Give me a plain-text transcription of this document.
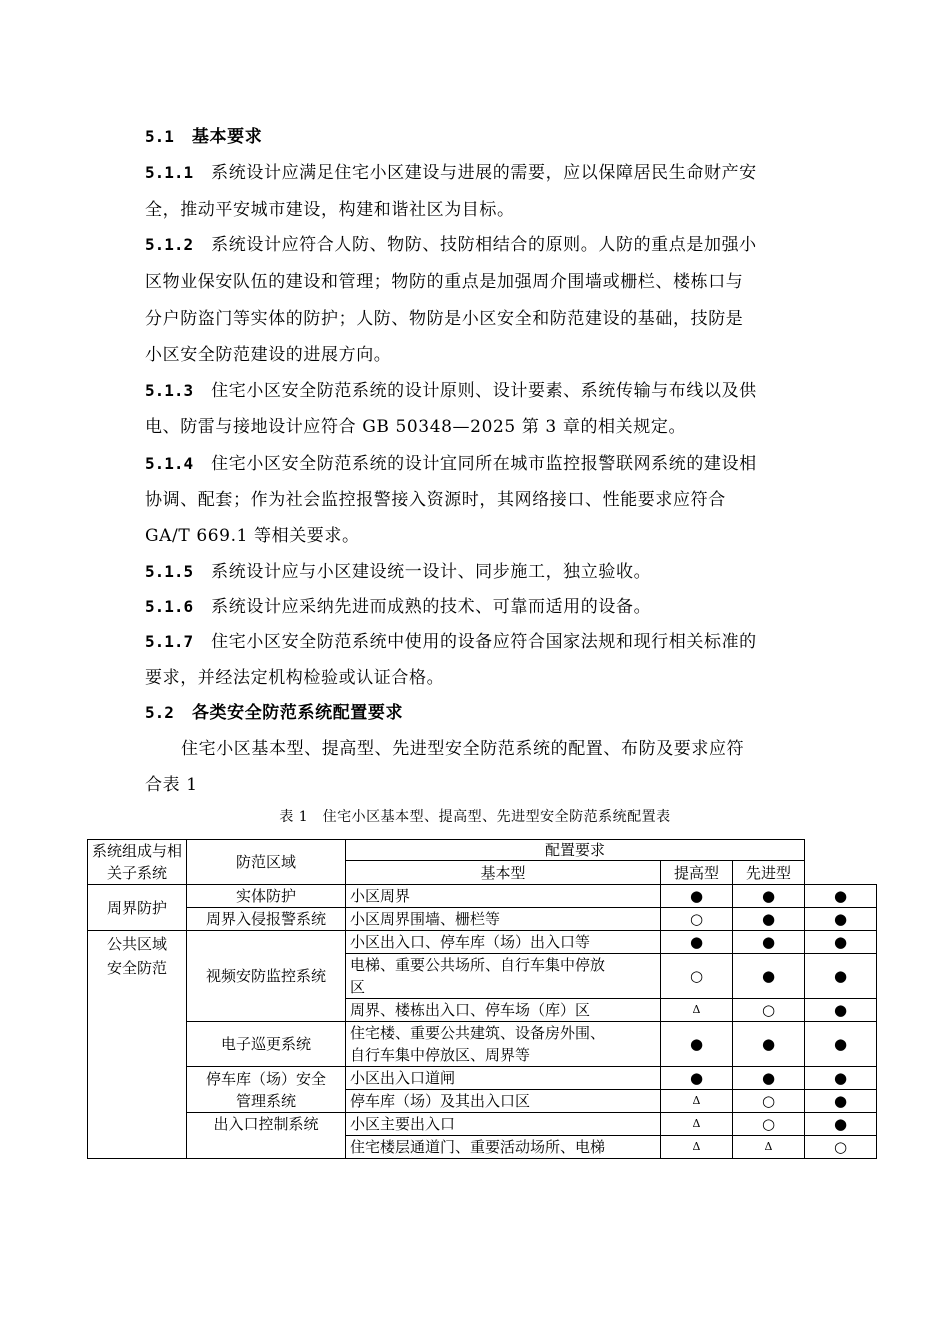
5.1 基本要求
5.1.1 系统设计应满足住宅小区建设与进展的需要，应以保障居民生命财产安
全，推动平安城市建设，构建和谐社区为目标。
5.1.2 系统设计应符合人防、物防、技防相结合的原则。人防的重点是加强小
区物业保安队伍的建设和管理；物防的重点是加强周介围墙或栅栏、楼栋口与
分户防盗门等实体的防护；人防、物防是小区安全和防范建设的基础，技防是
小区安全防范建设的进展方向。
5.1.3 住宅小区安全防范系统的设计原则、设计要素、系统传输与布线以及供
电、防雷与接地设计应符合 GB 50348—2025 第 3 章的相关规定。
5.1.4 住宅小区安全防范系统的设计宜同所在城市监控报警联网系统的建设相
协调、配套；作为社会监控报警接入资源时，其网络接口、性能要求应符合
GA/T 669.1 等相关要求。
5.1.5 系统设计应与小区建设统一设计、同步施工，独立验收。
5.1.6 系统设计应采纳先进而成熟的技术、可靠而适用的设备。
5.1.7 住宅小区安全防范系统中使用的设备应符合国家法规和现行相关标准的
要求，并经法定机构检验或认证合格。
5.2 各类安全防范系统配置要求
住宅小区基本型、提高型、先进型安全防范系统的配置、布防及要求应符
合表 1
表 1　住宅小区基本型、提高型、先进型安全防范系统配置表
系统组成与相关子系统	防范区域	配置要求			
		基本型	提高型	先进型	
周界防护	实体防护	小区周界	●	●	●
	周界入侵报警系统	小区周界围墙、栅栏等	○	●	●

公共区域
安全防范	视频安防监控系统	小区出入口、停车库（场）出入口等	●	●	●

		电梯、重要公共场所、自行车集中停放
区	○	●	●
		周界、楼栋出入口、停车场（库）区	Δ	○	●
	电子巡更系统	住宅楼、重要公共建筑、设备房外围、
自行车集中停放区、周界等	●	●	●

	停车库（场）安全
管理系统	小区出入口道闸	●	●	●
		停车库（场）及其出入口区	Δ	○	●
	出入口控制系统	小区主要出入口	Δ	○	●
		住宅楼层通道门、重要活动场所、电梯	Δ	Δ	○
